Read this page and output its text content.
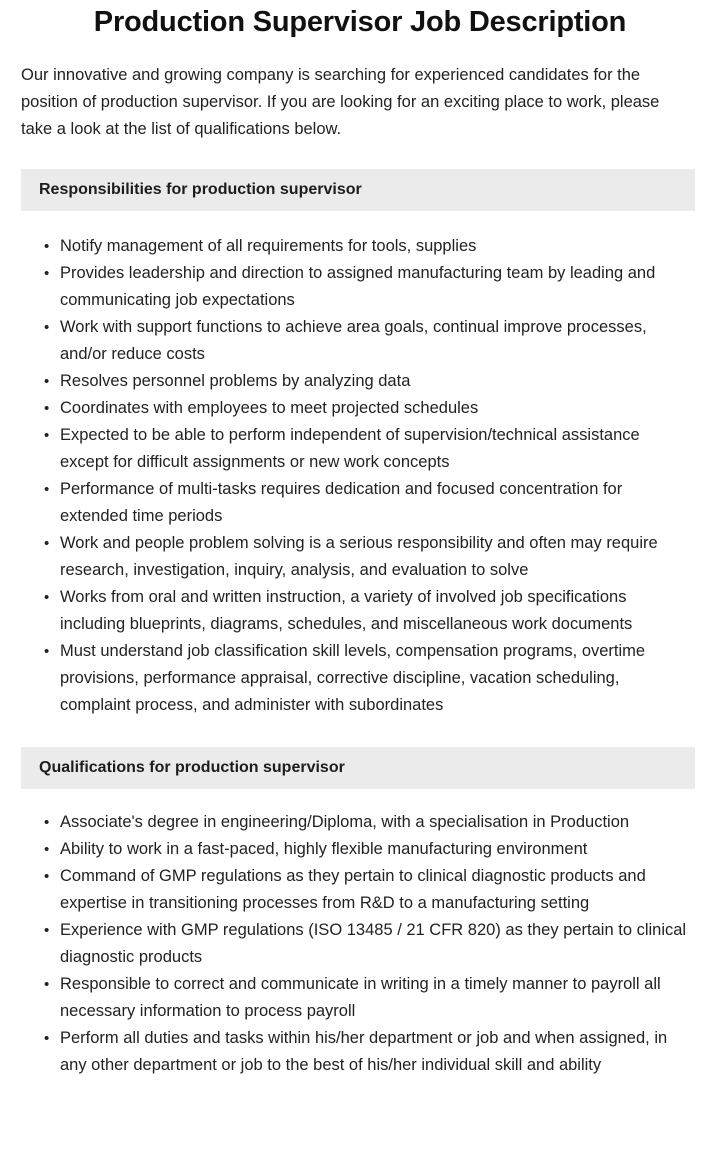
Production Supervisor Job Description

Our innovative and growing company is searching for experienced candidates for the position of production supervisor. If you are looking for an exciting place to work, please take a look at the list of qualifications below.

Responsibilities for production supervisor
• Notify management of all requirements for tools, supplies
• Provides leadership and direction to assigned manufacturing team by leading and communicating job expectations
• Work with support functions to achieve area goals, continual improve processes, and/or reduce costs
• Resolves personnel problems by analyzing data
• Coordinates with employees to meet projected schedules
• Expected to be able to perform independent of supervision/technical assistance except for difficult assignments or new work concepts
• Performance of multi-tasks requires dedication and focused concentration for extended time periods
• Work and people problem solving is a serious responsibility and often may require research, investigation, inquiry, analysis, and evaluation to solve
• Works from oral and written instruction, a variety of involved job specifications including blueprints, diagrams, schedules, and miscellaneous work documents
• Must understand job classification skill levels, compensation programs, overtime provisions, performance appraisal, corrective discipline, vacation scheduling, complaint process, and administer with subordinates
Qualifications for production supervisor
• Associate's degree in engineering/Diploma, with a specialisation in Production
• Ability to work in a fast-paced, highly flexible manufacturing environment
• Command of GMP regulations as they pertain to clinical diagnostic products and expertise in transitioning processes from R&D to a manufacturing setting
• Experience with GMP regulations (ISO 13485 / 21 CFR 820) as they pertain to clinical diagnostic products
• Responsible to correct and communicate in writing in a timely manner to payroll all necessary information to process payroll
• Perform all duties and tasks within his/her department or job and when assigned, in any other department or job to the best of his/her individual skill and ability
